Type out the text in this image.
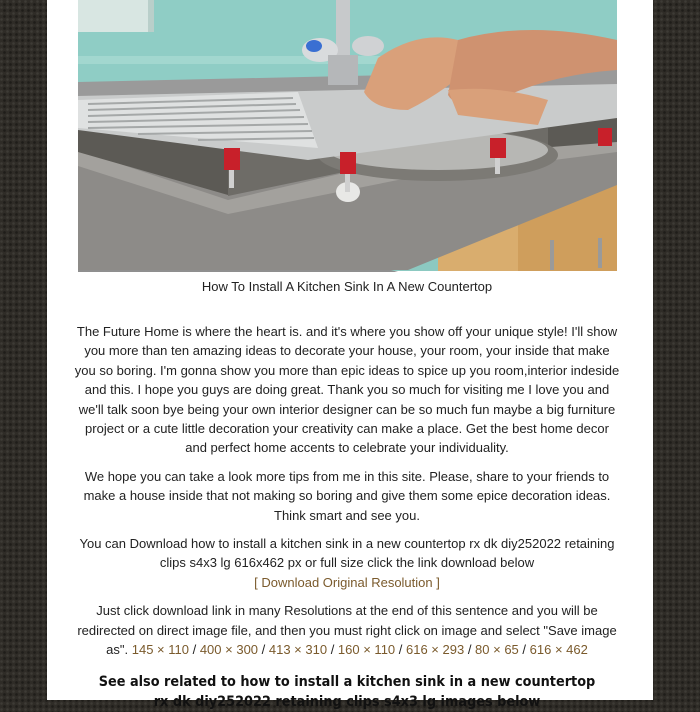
How To Install A Kitchen Sink In A New Countertop

The Future Home is where the heart is. and it's where you show off your unique style! I'll show you more than ten amazing ideas to decorate your house, your room, your inside that make you so boring. I'm gonna show you more than epic ideas to spice up you room,interior indeside and this. I hope you guys are doing great. Thank you so much for visiting me I love you and we'll talk soon bye being your own interior designer can be so much fun maybe a big furniture project or a cute little decoration your creativity can make a place. Get the best home decor and perfect home accents to celebrate your individuality.

We hope you can take a look more tips from me in this site. Please, share to your friends to make a house inside that not making so boring and give them some epice decoration ideas. Think smart and see you.

You can Download how to install a kitchen sink in a new countertop rx dk diy252022 retaining clips s4x3 lg 616x462 px or full size click the link download below
[ Download Original Resolution ]

Just click download link in many Resolutions at the end of this sentence and you will be redirected on direct image file, and then you must right click on image and select "Save image as". 145 × 110 / 400 × 300 / 413 × 310 / 160 × 110 / 616 × 293 / 80 × 65 / 616 × 462

See also related to how to install a kitchen sink in a new countertop rx dk diy252022 retaining clips s4x3 lg images below
